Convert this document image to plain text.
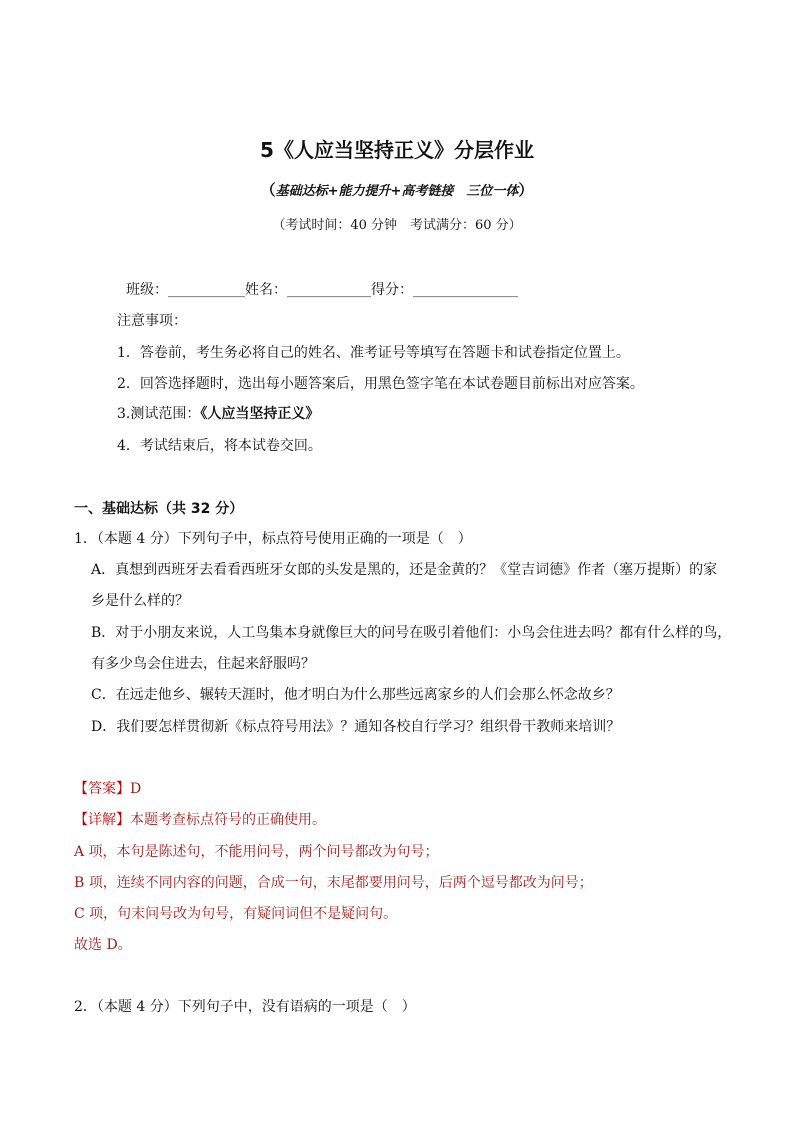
5《人应当坚持正义》分层作业
（基础达标+能力提升+高考链接　三位一体）
（考试时间：40 分钟　考试满分：60 分）
班级：___________姓名：____________得分：_______________
注意事项：
1．答卷前，考生务必将自己的姓名、准考证号等填写在答题卡和试卷指定位置上。
2．回答选择题时，选出每小题答案后，用黑色签字笔在本试卷题目前标出对应答案。
3.测试范围：《人应当坚持正义》
4．考试结束后，将本试卷交回。
一、基础达标（共 32 分）
1．（本题 4 分）下列句子中，标点符号使用正确的一项是（　）
A．真想到西班牙去看看西班牙女郎的头发是黑的，还是金黄的？《堂吉词德》作者（塞万提斯）的家
乡是什么样的？
B．对于小朋友来说，人工鸟集本身就像巨大的问号在吸引着他们：小鸟会住进去吗？都有什么样的鸟，
有多少鸟会住进去，住起来舒服吗？
C．在远走他乡、辗转天涯时，他才明白为什么那些远离家乡的人们会那么怀念故乡？
D．我们要怎样贯彻新《标点符号用法》？通知各校自行学习？组织骨干教师来培训？
【答案】D
【详解】本题考查标点符号的正确使用。
A 项，本句是陈述句，不能用问号，两个问号都改为句号；
B 项，连续不同内容的问题，合成一句，末尾都要用问号，后两个逗号都改为问号；
C 项，句末问号改为句号，有疑问词但不是疑问句。
故选 D。
2．（本题 4 分）下列句子中，没有语病的一项是（　）
